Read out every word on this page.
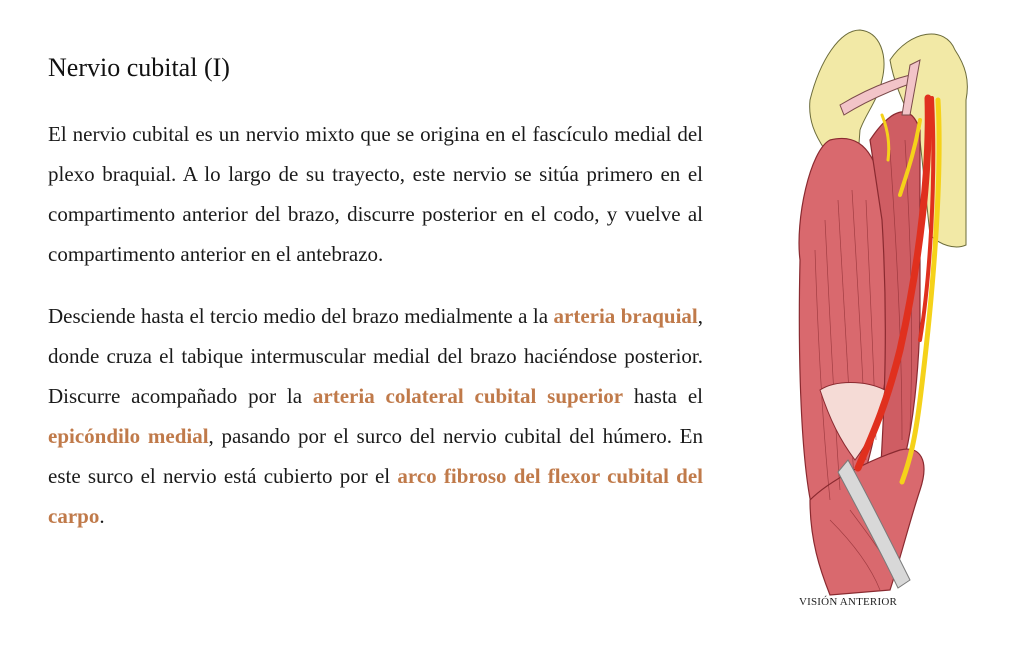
Nervio cubital (I)

El nervio cubital es un nervio mixto que se origina en el fascículo medial del plexo braquial. A lo largo de su trayecto, este nervio se sitúa primero en el compartimento anterior del brazo, discurre posterior en el codo, y vuelve al compartimento anterior en el antebrazo.

Desciende hasta el tercio medio del brazo medialmente a la arteria braquial, donde cruza el tabique intermuscular medial del brazo haciéndose posterior. Discurre acompañado por la arteria colateral cubital superior hasta el epicóndilo medial, pasando por el surco del nervio cubital del húmero. En este surco el nervio está cubierto por el arco fibroso del flexor cubital del carpo.

VISIÓN ANTERIOR
